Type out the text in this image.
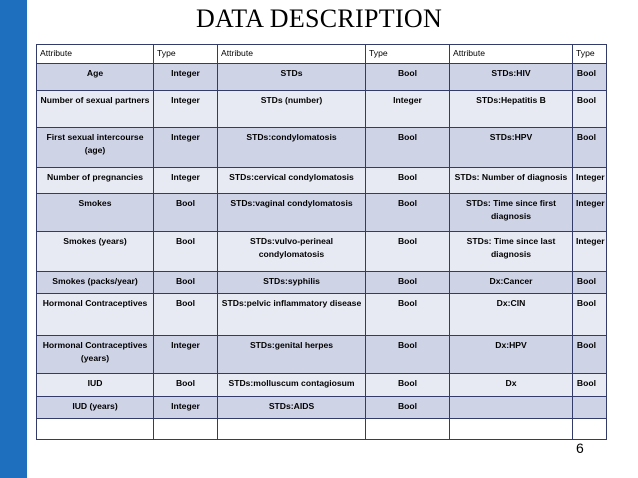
DATA DESCRIPTION
Attribute	Type	Attribute	Type	Attribute	Type
Age	Integer	STDs	Bool	STDs:HIV	Bool
Number of sexual partners	Integer	STDs (number)	Integer	STDs:Hepatitis B	Bool
First sexual intercourse (age)	Integer	STDs:condylomatosis	Bool	STDs:HPV	Bool
Number of pregnancies	Integer	STDs:cervical condylomatosis	Bool	STDs: Number of diagnosis	Integer
Smokes	Bool	STDs:vaginal condylomatosis	Bool	STDs: Time since first diagnosis	Integer
Smokes (years)	Bool	STDs:vulvo-perineal condylomatosis	Bool	STDs: Time since last diagnosis	Integer
Smokes (packs/year)	Bool	STDs:syphilis	Bool	Dx:Cancer	Bool
Hormonal Contraceptives	Bool	STDs:pelvic inflammatory disease	Bool	Dx:CIN	Bool
Hormonal Contraceptives (years)	Integer	STDs:genital herpes	Bool	Dx:HPV	Bool
IUD	Bool	STDs:molluscum contagiosum	Bool	Dx	Bool
IUD (years)	Integer	STDs:AIDS	Bool		

6
